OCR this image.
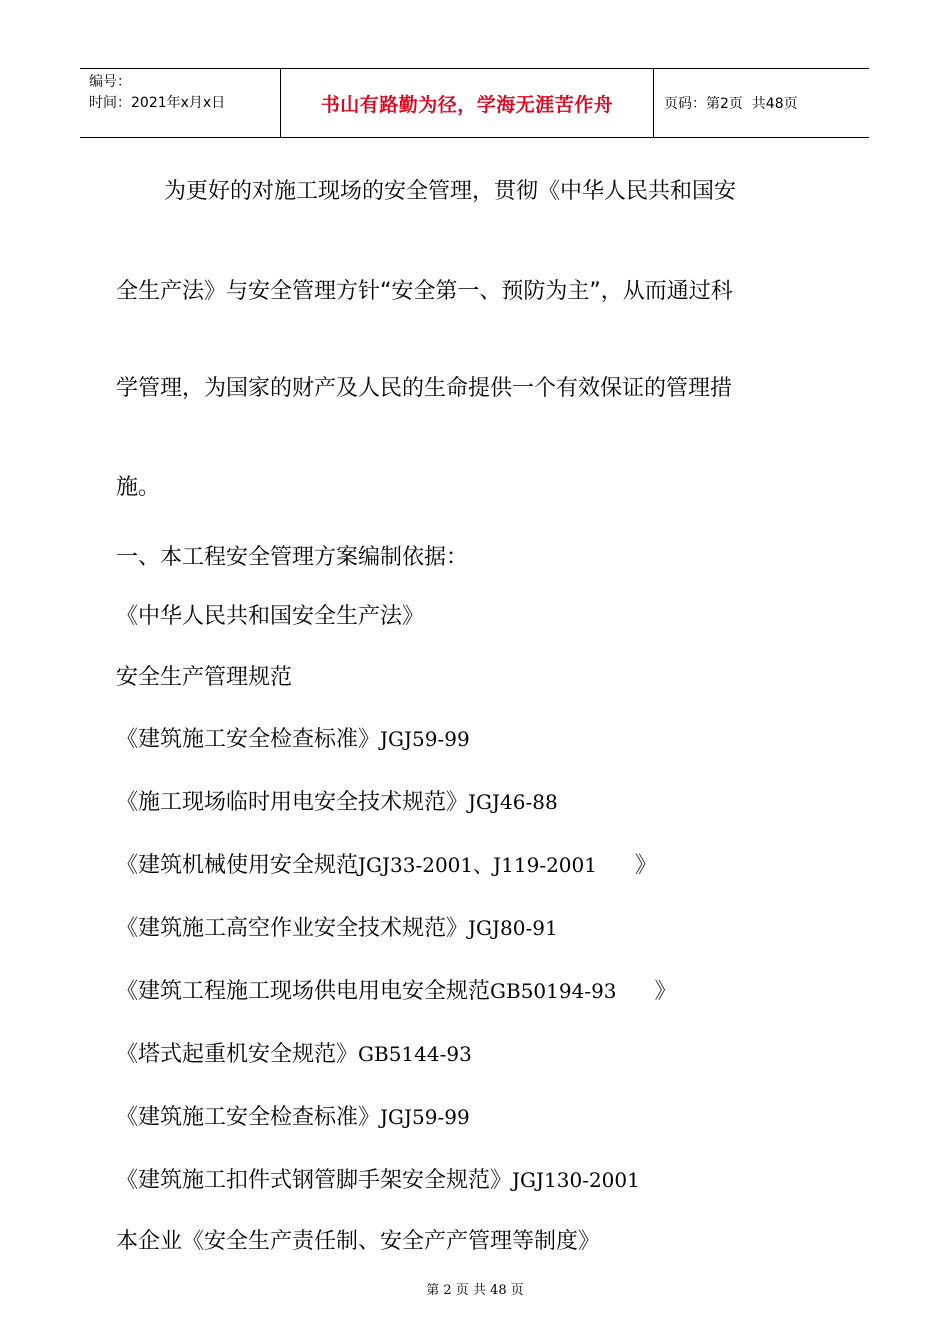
编号：
时间：2021年x月x日	书山有路勤为径，学海无涯苦作舟	页码：第2页  共48页
为更好的对施工现场的安全管理，贯彻《中华人民共和国安
全生产法》与安全管理方针“安全第一、预防为主”，从而通过科
学管理，为国家的财产及人民的生命提供一个有效保证的管理措
施。
一、本工程安全管理方案编制依据：
《中华人民共和国安全生产法》
安全生产管理规范
《建筑施工安全检查标准》JGJ59-99
《施工现场临时用电安全技术规范》JGJ46-88
《建筑机械使用安全规范JGJ33-2001、J119-2001 》
《建筑施工高空作业安全技术规范》JGJ80-91
《建筑工程施工现场供电用电安全规范GB50194-93 》
《塔式起重机安全规范》GB5144-93
《建筑施工安全检查标准》JGJ59-99
《建筑施工扣件式钢管脚手架安全规范》JGJ130-2001
本企业《安全生产责任制、安全产产管理等制度》
第 2 页 共 48 页
